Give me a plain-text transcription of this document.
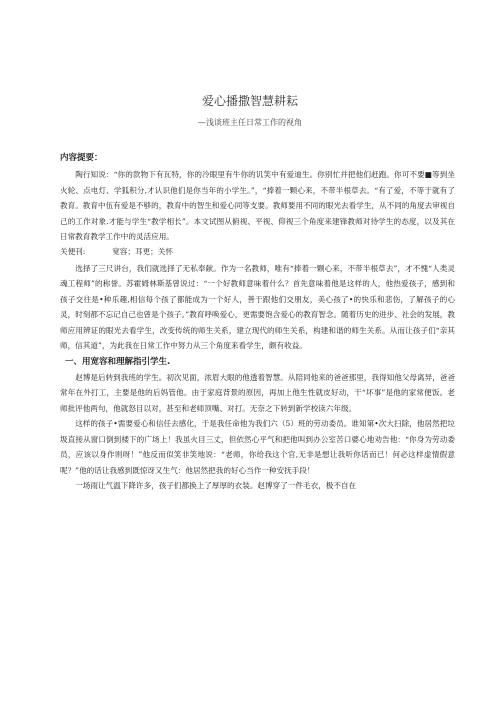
爱心播撒智慧耕耘
—浅谈班主任日常工作的视角
内容提要：

陶行知说：“你的款物下有瓦特，你的冷眼里有牛你的讥笑中有爱迪生。你别忙并把他们赶跑。你可不要■等到坐火轮、点电灯、学狐积分,才认识他们是你当年的小学生。”，“捧着一颗心来，不带半根草去。“有了爱，不等于就有了教育。教育中伍有爱是不够的，教育中的智生和爱心同等支要。教师要用不同的眼光去看学生，从不同的角度去审视自己的工作对象.才能与学生“教学相长”。本文试图从俯视、平视、仰视三个角度来建锋教师对待学生的态度，以及其在日常教育教学工作中的灵活应用。

关便刊:	宽容；耳更；关怀

选择了三尺讲台，我们就选择了无私奉献。作为一名教师，唯有“捧着一颗心来，不带半根草去”，才不愧“人类灵魂工程师”的称誉。苏霍姆林斯基曾说过：“一个好教师意味着什么？首先意味着他是这样的人，他热爱孩子，感到和孩子交往是•种乐趣,相信每个孩了都能成为一个好人，善于跟他们交朋友，美心孩了•的快乐和悲伤，了解孩子的心灵，时刻都不忘记自己也曾是个孩子。”教育呼唤爱心，更需要饱含爱心的教育智念。随着历史的进步、社会的发展，教师应用辨证的眼光去看学生，改变传统的师生关系，建立现代的师生关系，构建和谐的师生关系。从而让孩子们“亲其师，信其道”，为此我在日常工作中努力从三个角度来看学生，颇有收益。

一、用宽容和理解指引学生.

赵博是后转到我班的学生。初次见面，浓眉大眼的他透着智慧。从陪同他来的爸爸那里，我得知他父母离异，爸爸常年在外打工，主要是他的后妈管他。由于家庭背景的原因，再加上他生性就皮好动，干“坏事”是他的家常便饭。老师批评他两句，他就怒目以对，甚至和老师顶嘴、对打。无奈之下转到新学校读六年级。

这样的孩子•需要爱心和信任去感化，于是我任命他为我们六（5）班的劳动委员。谁知第•次大扫除，他居然把垃圾直接从窗口倒到楼下的广场上！我虽火目三丈，但依然心平气和把他叫到办公室苦口婆心地劝告他：“你身为劳动委员，应该以身作则呀！”他反而似笑非笑地说：“老师，你给我这个官,无非是想让我听你话而已！何必这样虚情假意呢？”他的话让我感到既惊讶又生气：他居然把我的好心当作一种安抚手段！

一场雨让气温下降许多，孩子们都换上了厚厚的衣装。赵博穿了一件毛衣，极不自在
